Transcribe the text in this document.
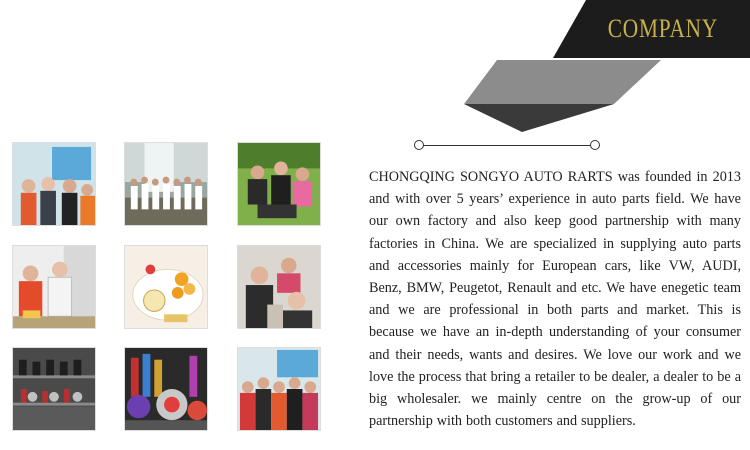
COMPANY

CHONGQING SONGYO AUTO RARTS was founded in 2013 and with over 5 years’ experience in auto parts field. We have our own factory and also keep good partnership with many factories in China. We are specialized in supplying auto parts and accessories mainly for European cars, like VW, AUDI, Benz, BMW, Peugetot, Renault and etc. We have enegetic team and we are professional in both parts and market. This is because we have an in-depth understanding of your consumer and their needs, wants and desires. We love our work and we love the process that bring a retailer to be dealer, a dealer to be a big wholesaler. we mainly centre on the grow-up of our partnership with both customers and suppliers.
